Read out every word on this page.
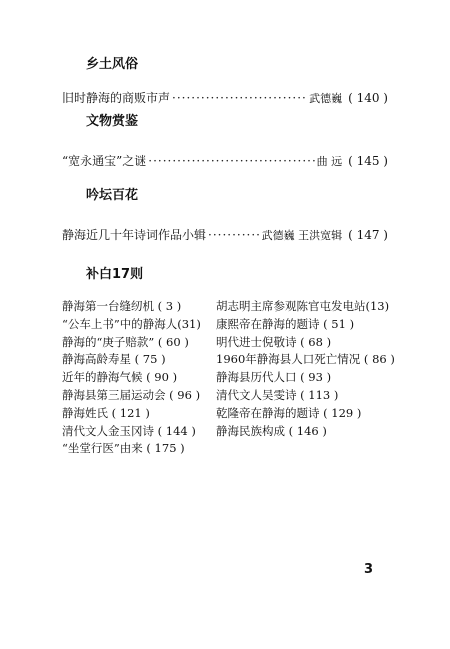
乡土风俗
旧时静海的商贩市声 ·····	武德巍 ( 140 )
文物赏鉴
“宽永通宝”之谜 ·····	曲 远 ( 145 )
吟坛百花
静海近几十年诗词作品小辑 ·····	武德巍 王洪宽辑 ( 147 )
补白17则
静海第一台缝纫机 ( 3 )
“公车上书”中的静海人(31)
静海的“庚子赔款” ( 60 )
静海高龄寿星 ( 75 )
近年的静海气候 ( 90 )
静海县第三届运动会 ( 96 )
静海姓氏 ( 121 )
清代文人金玉冈诗 ( 144 )
“坐堂行医”由来 ( 175 )
胡志明主席参观陈官屯发电站(13)
康熙帝在静海的题诗 ( 51 )
明代进士倪敬诗 ( 68 )
1960年静海县人口死亡情况 ( 86 )
静海县历代人口 ( 93 )
清代文人吴雯诗 ( 113 )
乾隆帝在静海的题诗 ( 129 )
静海民族构成 ( 146 )
3
